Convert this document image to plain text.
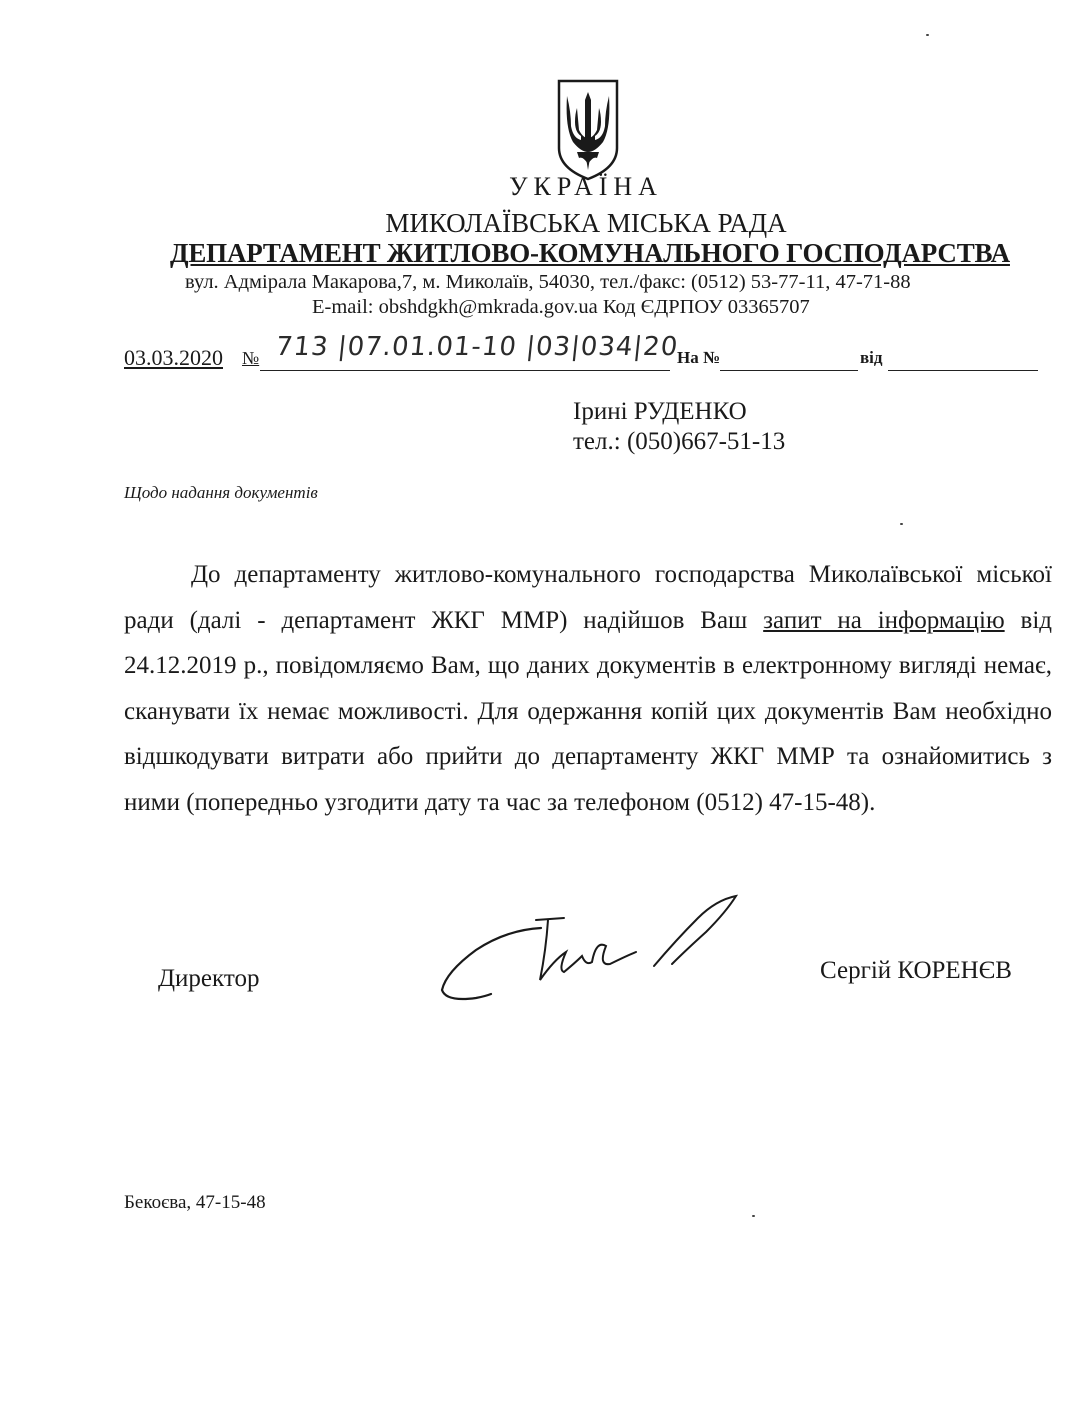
УКРАЇНА
МИКОЛАЇВСЬКА МІСЬКА РАДА
ДЕПАРТАМЕНТ ЖИТЛОВО-КОМУНАЛЬНОГО ГОСПОДАРСТВА
вул. Адмірала Макарова,7, м. Миколаїв, 54030, тел./факс: (0512) 53-77-11, 47-71-88
E-mail: obshdgkh@mkrada.gov.ua Код ЄДРПОУ 03365707
03.03.2020 № 713 |07.01.01-10 |03|034|20
На №	від
Ірині РУДЕНКО
тел.: (050)667-51-13
Щодо надання документів

До департаменту житлово-комунального господарства Миколаївської міської ради (далі - департамент ЖКГ ММР) надійшов Ваш запит на інформацію від 24.12.2019 р., повідомляємо Вам, що даних документів в електронному вигляді немає, сканувати їх немає можливості. Для одержання копій цих документів Вам необхідно відшкодувати витрати або прийти до департаменту ЖКГ ММР та ознайомитись з ними (попередньо узгодити дату та час за телефоном (0512) 47-15-48).

Директор	Сергій КОРЕНЄВ
Бекоєва, 47-15-48
